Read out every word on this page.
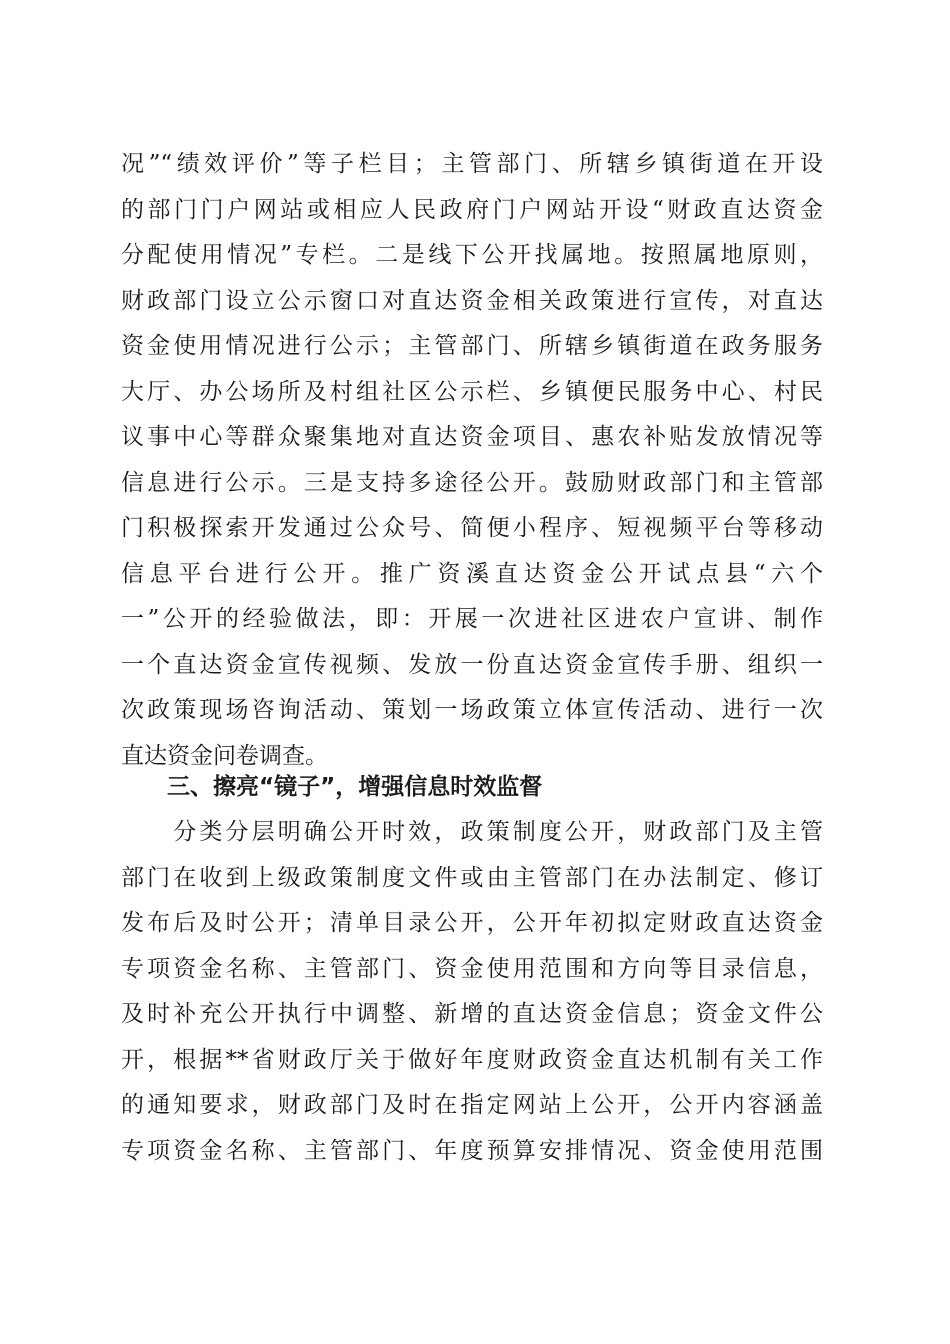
况”“绩效评价”等子栏目；主管部门、所辖乡镇街道在开设
的部门门户网站或相应人民政府门户网站开设“财政直达资金
分配使用情况”专栏。二是线下公开找属地。按照属地原则，
财政部门设立公示窗口对直达资金相关政策进行宣传，对直达
资金使用情况进行公示；主管部门、所辖乡镇街道在政务服务
大厅、办公场所及村组社区公示栏、乡镇便民服务中心、村民
议事中心等群众聚集地对直达资金项目、惠农补贴发放情况等
信息进行公示。三是支持多途径公开。鼓励财政部门和主管部
门积极探索开发通过公众号、简便小程序、短视频平台等移动
信息平台进行公开。推广资溪直达资金公开试点县“六个
一”公开的经验做法，即：开展一次进社区进农户宣讲、制作
一个直达资金宣传视频、发放一份直达资金宣传手册、组织一
次政策现场咨询活动、策划一场政策立体宣传活动、进行一次
直达资金问卷调查。
三、擦亮“镜子”，增强信息时效监督
　　分类分层明确公开时效，政策制度公开，财政部门及主管
部门在收到上级政策制度文件或由主管部门在办法制定、修订
发布后及时公开；清单目录公开，公开年初拟定财政直达资金
专项资金名称、主管部门、资金使用范围和方向等目录信息，
及时补充公开执行中调整、新增的直达资金信息；资金文件公
开，根据**省财政厅关于做好年度财政资金直达机制有关工作
的通知要求，财政部门及时在指定网站上公开，公开内容涵盖
专项资金名称、主管部门、年度预算安排情况、资金使用范围
